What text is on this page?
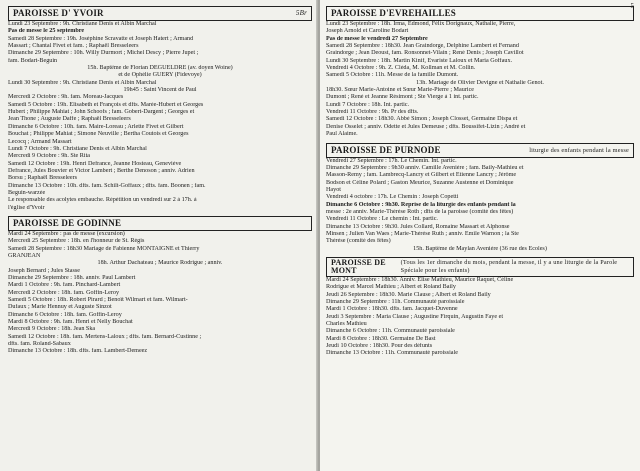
PAROISSE D' YVOIR	5Br
Lundi 23 Septembre : 9h. Christiane Denis et Albin Marchal
Pas de messe le 25 septembre
Samedi 28 Septembre : 19h. Joséphine Scravatte et Joseph Hatert ; Armand
Massart ; Chantal Fivet et fam. ; Raphaël Bresseleers
Dimanche 29 Septembre : 10h. Willy Durmort ; Michel Descy ; Pierre Jupet ;
fam. Bodart-Beguin
15h. Baptême de Florian DEGUELDRE (av. doyen Woine)
et de Ophélie GUERY (Fidevoye)
Lundi 30 Septembre : 9h. Christiane Denis et Albin Marchal
19h45 : Saint Vincent de Paul
Mercredi 2 Octobre : 9h. fam. Moreau-Jacques
Samedi 5 Octobre : 19h. Elisabeth et François et dfts. Marée-Hubert et Georges
Hubert ; Philippe Mahiat ; John Schoofs ; fam. Gobert-Dargent ; Georges et
Jean Thone ; Auguste Daffe ; Raphaël Bresseleers
Dimanche 6 Octobre : 10h. fam. Maire-Loreau ; Arlette Fivet et Gilbert
Bouchat ; Philippe Mahiat ; Simone Neuville ; Bertha Coutois et Georges
Lecocq ; Armand Massart
Lundi 7 Octobre : 9h. Christiane Denis et Albin Marchal
Mercredi 9 Octobre : 9h. Ste Rita
Samedi 12 Octobre : 19h. Henri Defrance, Jeanne Hosteau, Geneviève
Defrance, Jules Bouvier et Victor Lambert ; Berthe Denoson ; anniv. Adrien
Borsu ; Raphaël Bresseleers
Dimanche 13 Octobre : 10h. dfts. fam. Schilt-Goffaux ; dfts. fam. Boonen ; fam.
Beguin-warzée
Le responsable des acolytes embauche. Répétition un vendredi sur 2 à 17h. à
l'église d'Yvoir
PAROISSE DE GODINNE
Mardi 24 Septembre : pas de messe (excursion)
Mercredi 25 Septembre : 18h. en l'honneur de St. Régis
Samedi 28 Septembre : 18h30 Mariage de Fabienne MONTAIGNE et Thierry
GRANJEAN
18h. Arthur Dachateau ; Maurice Rodrigue ; anniv.
Joseph Bernard ; Jules Stasse
Dimanche 29 Septembre : 18h. anniv. Paul Lambert
Mardi 1 Octobre : 9h. fam. Pinchard-Lambert
Mercredi 2 Octobre : 18h. fam. Goffin-Leroy
Samedi 5 Octobre : 18h. Robert Pirard ; Benoît Wilmart et fam. Wilmart-
Dufaux ; Marie Hennuy et Auguste Sinzot
Dimanche 6 Octobre : 18h. fam. Goffin-Leroy
Mardi 8 Octobre : 9h. fam. Henri et Nelly Bouchat
Mercredi 9 Octobre : 18h. Jean Ska
Samedi 12 Octobre : 18h. fam. Mertens-Laloux ; dfts. fam. Bernard-Custinne ;
dfts. fam. Roland-Sabaux
Dimanche 13 Octobre : 18h. dfts. fam. Lambert-Demeez
5
PAROISSE D'EVREHAILLES
Lundi 23 Septembre : 18h. Irma, Edmond, Félix Dorignaux, Nathalie, Pierre,
Joseph Arnold et Caroline Bodart
Pas de messe le vendredi 27 Septembre
Samedi 28 Septembre : 18h30. Jean Graindorge, Delphine Lambert et Fernand
Graindorge ; Jean Deoust, fam. Ronsonnet-Vilain ; René Denis ; Joseph Cavillot
Lundi 30 Septembre : 18h. Martin Kinif, Evariste Laloux et Maria Goffaux.
Vendredi 4 Octobre : 9h. Z. Cléda, M. Kollman et M. Collin.
Samedi 5 Octobre : 11h. Messe de la famille Dumont.
13h. Mariage de Olivier Devigne et Nathalie Genot.
18h30. Sœur Marie-Antoine et Sœur Marie-Pierre ; Maurice
Dumont ; René et Jeanne Résimont ; Ste Vierge à 1 int. partic.
Lundi 7 Octobre : 18h. Int. partic.
Vendredi 11 Octobre : 9h. Pr des dfts.
Samedi 12 Octobre : 18h30. Abbé Simon ; Joseph Closset, Germaine Dispa et
Denise Osselet ; anniv. Odette et Jules Demeuse ; dfts. Boussifet-Lizin ; André et
Paul Alaime.
PAROISSE DE PURNODE	liturgie des enfants pendant la messe
Vendredi 27 Septembre : 17h. Le Chemin. Int. partic.
Dimanche 29 Septembre : 9h30 anniv. Camille Avenière ; fam. Baily-Mathieu et
Masson-Remy ; fam. Lambrecq-Lancry et Gilbert et Etienne Lancry ; Jérôme
Bodson et Céline Polard ; Gaston Meurice, Suzanne Austenne et Dominique
Hayot
Vendredi 4 octobre : 17h. Le Chemin : Joseph Copetti
Dimanche 6 Octobre : 9h30. Reprise de la liturgie des enfants pendant la
messe : 2e anniv. Marie-Thérèse Roth ; dfts de la paroisse (comité des fêtes)
Vendredi 11 Octobre : Le chemin : Int. partic.
Dimanche 13 Octobre : 9h30. Jules Collard, Romaine Massart et Alphonse
Minsen ; Julien Van Waes ; Marie-Thérèse Ruth ; anniv. Emile Warnon ; la Ste
Thérèse (comité des fêtes)
15h. Baptême de Maylan Avenière (36 rue des Ecoles)
PAROISSE DE MONT
(Tous les 1er dimanche du mois, pendant la messe, il y a une liturgie de la Parole Spéciale pour les enfants)
Mardi 24 Septembre : 18h30. Anniv. Elise Mathieu, Maurice Raquet, Céline
Rodrigue et Marcel Mathieu ; Albert et Roland Baily
Jeudi 26 Septembre : 18h30. Marie Clause ; Albert et Roland Baily
Dimanche 29 Septembre : 11h. Communauté paroissiale
Mardi 1 Octobre : 18h30. dfts. fam. Jacquet-Duvenne
Jeudi 3 Septembre : Maria Clause ; Augustine Firquin, Augustin Faye et
Charles Mathieu
Dimanche 6 Octobre : 11h. Communauté paroissiale
Mardi 8 Octobre : 18h30. Germaine De Bast
Jeudi 10 Octobre : 18h30. Pour des défunts
Dimanche 13 Octobre : 11h. Communauté paroissiale
